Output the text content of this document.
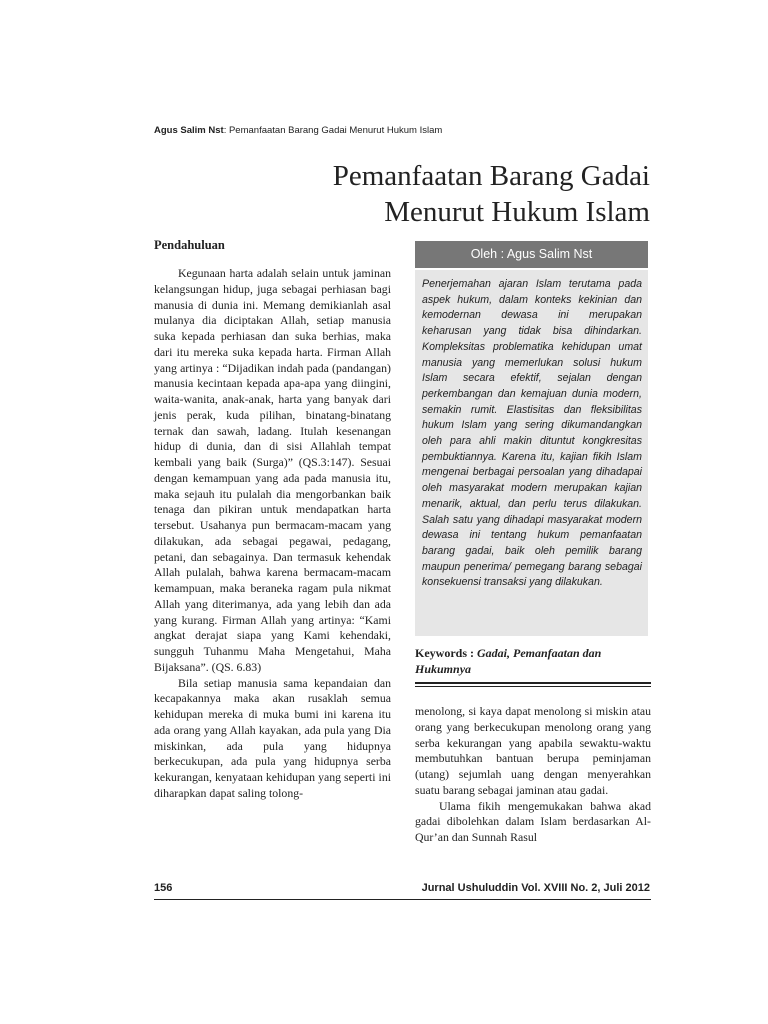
Agus Salim Nst: Pemanfaatan Barang Gadai Menurut Hukum Islam
Pemanfaatan Barang Gadai
Menurut Hukum Islam
Pendahuluan

Kegunaan harta adalah selain untuk jaminan kelangsungan hidup, juga sebagai perhiasan bagi manusia di dunia ini. Memang demikianlah asal mulanya dia diciptakan Allah, setiap manusia suka kepada perhiasan dan suka berhias, maka dari itu mereka suka kepada harta. Firman Allah yang artinya : “Dijadikan indah pada (pandangan) manusia kecintaan kepada apa-apa yang diingini, waita-wanita, anak-anak, harta yang banyak dari jenis perak, kuda pilihan, binatang-binatang ternak dan sawah, ladang. Itulah kesenangan hidup di dunia, dan di sisi Allahlah tempat kembali yang baik (Surga)” (QS.3:147). Sesuai dengan kemampuan yang ada pada manusia itu, maka sejauh itu pulalah dia mengorbankan baik tenaga dan pikiran untuk mendapatkan harta tersebut. Usahanya pun bermacam-macam yang dilakukan, ada sebagai pegawai, pedagang, petani, dan sebagainya. Dan termasuk kehendak Allah pulalah, bahwa karena bermacam-macam kemampuan, maka beraneka ragam pula nikmat Allah yang diterimanya, ada yang lebih dan ada yang kurang. Firman Allah yang artinya: “Kami angkat derajat siapa yang Kami kehendaki, sungguh Tuhanmu Maha Mengetahui, Maha Bijaksana”. (QS. 6.83)

Bila setiap manusia sama kepandaian dan kecapakannya maka akan rusaklah semua kehidupan mereka di muka bumi ini karena itu ada orang yang Allah kayakan, ada pula yang Dia miskinkan, ada pula yang hidupnya berkecukupan, ada pula yang hidupnya serba kekurangan, kenyataan kehidupan yang seperti ini diharapkan dapat saling tolong-

Oleh : Agus Salim Nst
Penerjemahan ajaran Islam terutama pada aspek hukum, dalam konteks kekinian dan kemodernan dewasa ini merupakan keharusan yang tidak bisa dihindarkan. Kompleksitas problematika kehidupan umat manusia yang memerlukan solusi hukum Islam secara efektif, sejalan dengan perkembangan dan kemajuan dunia modern, semakin rumit. Elastisitas dan fleksibilitas hukum Islam yang sering dikumandangkan oleh para ahli makin dituntut kongkresitas pembuktiannya. Karena itu, kajian fikih Islam mengenai berbagai persoalan yang dihadapai oleh masyarakat modern merupakan kajian menarik, aktual, dan perlu terus dilakukan. Salah satu yang dihadapi masyarakat modern dewasa ini tentang hukum pemanfaatan barang gadai, baik oleh pemilik barang maupun penerima/ pemegang barang sebagai konsekuensi transaksi yang dilakukan.
Keywords : Gadai, Pemanfaatan dan Hukumnya

menolong, si kaya dapat menolong si miskin atau orang yang berkecukupan menolong orang yang serba kekurangan yang apabila sewaktu-waktu membutuhkan bantuan berupa peminjaman (utang) sejumlah uang dengan menyerahkan suatu barang sebagai jaminan atau gadai.

Ulama fikih mengemukakan bahwa akad gadai dibolehkan dalam Islam berdasarkan Al-Qur’an dan Sunnah Rasul

156	Jurnal Ushuluddin Vol. XVIII No. 2, Juli 2012
